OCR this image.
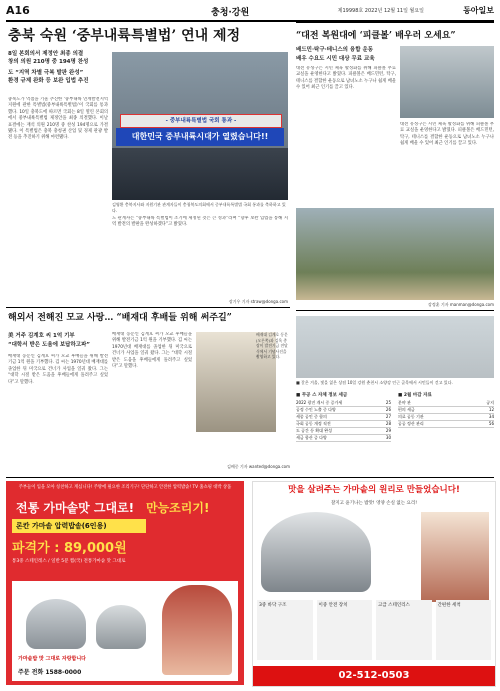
A16	충청·강원	제19998호 2022년 12월 11일 월요일	동아일보
충북 숙원 ‘중부내륙특별법’ 연내 제정
8일 본회의서 제정안 최종 의결
창의 의원 210명 중 194명 찬성
도 “지역 차별 극복 발판 완성”
환경 규제 완화 등 보완 입법 추진
충북도가 역점을 기울 추진한 ‘중부내륙 연계발전지역 지원에 관한 특별법(중부내륙특별법)’이 국회를 통과했다. 10일 충북도에 따르면 국회는 8일 열린 본회의에서 중부내륙특별법 제정안을 최종 의결했다. 이날 표결에는 재석 의원 210명 중 찬성 194명으로 가결됐다. 이 특별법은 충북 충청권 산업 및 경제 관광 발전 등을 추진하기 위해 마련됐다.
- 중부내륙특별법 국회 통과 -
대한민국 중부내륙시대가 열렸습니다!!
김영환 충북지사와 지원기관 관계자들이 충청북도의회에서 중부내륙특별법 국회 통과를 축하하고 있다.
도 관계자는 “중부내륙 특별법이 조기에 제정된 것은 큰 성과”라며 “향후 보완 입법을 통해 지역 발전의 발판을 완성하겠다”고 밝혔다.
장기우 기자 straw@donga.com
“대전 복원대에 ‘피클볼’ 배우러 오세요”
배드민·탁구·테니스의 융합 운동
배우 수요도 시민 대상 무료 교육
대전 유성구는 시민 체육 활성화를 위해 피클볼 무료 교실을 운영한다고 밝혔다. 피클볼은 배드민턴, 탁구, 테니스를 결합한 운동으로 남녀노소 누구나 쉽게 배울 수 있어 최근 인기를 끌고 있다.
대전 유성구는 시민 체육 활성화를 위해 피클볼 무료 교실을 운영한다고 밝혔다. 피클볼은 배드민턴, 탁구, 테니스를 결합한 운동으로 남녀노소 누구나 쉽게 배울 수 있어 최근 인기를 끌고 있다.
강정훈 기자 manman@donga.com
해외서 전해진 모교 사랑… “배재대 후배들 위해 써주길”
美 거주 김계호 씨 1억 기부
“대학서 받은 도움에 보답하고파”
배재대 동문인 김계호 씨가 모교 후배들을 위해 발전기금 1억 원을 기부했다. 김 씨는 1970년대 배재대를 졸업한 뒤 미국으로 건너가 사업을 일궈 왔다. 그는 “대학 시절 받은 도움을 후배들에게 돌려주고 싶었다”고 말했다.
배재대 동문인 김계호 씨가 모교 후배들을 위해 발전기금 1억 원을 기부했다. 김 씨는 1970년대 배재대를 졸업한 뒤 미국으로 건너가 사업을 일궈 왔다. 그는 “대학 시절 받은 도움을 후배들에게 돌려주고 싶었다”고 말했다.
배재대 김계호 동문(오른쪽)과 김욱 총장이 발전기금 전달식에서 기념사진을 촬영하고 있다.
김배중 기자 wanted@donga.com
■ 갈은 겨울, 빛을 잃은 상점 10일 강원 춘천시 소양강 인근 골목에서 시민들이 걷고 있다.
■ 무공 스 자체 정보 세금
2022 광진 개시 중 증가세	25
공정 수인 노출 중 다양	26
세종 공인 중 합의	27
국회 공동 개정 직전	28
도 공간 등 확대 완성	29
세금 합산 증 다양	30
■ 2월 마감 자료
분야 관	공지
편의 세금	12
의료 공동 기관	34
공공 정산 관리	56
주부들이 입을 모아 칭찬하고 계십니다! 주방에 필요한 조리기구! 단단하고 안전한 압력밥솥! TV 홈쇼핑 대박 상품
전통 가마솥맛 그대로! 만능조리기!
론칸 가마솥 압력밥솥(6인용)
파격가 : 89,000원
통3중 스테인레스 / 일반 5분 찜(국) 전통가마솥 맛 그대로
가마솥밥 맛 그대로 자랑합니다
주문 전화 1588-0000
맛을 살려주는 가마솥의 원리로 만들었습니다!
찰지고 윤기나는 밥맛! 영양 손실 없는 요리!
3중 바닥 구조	이중 안전 장치	고급 스테인리스	간편한 세척
02-512-0503
